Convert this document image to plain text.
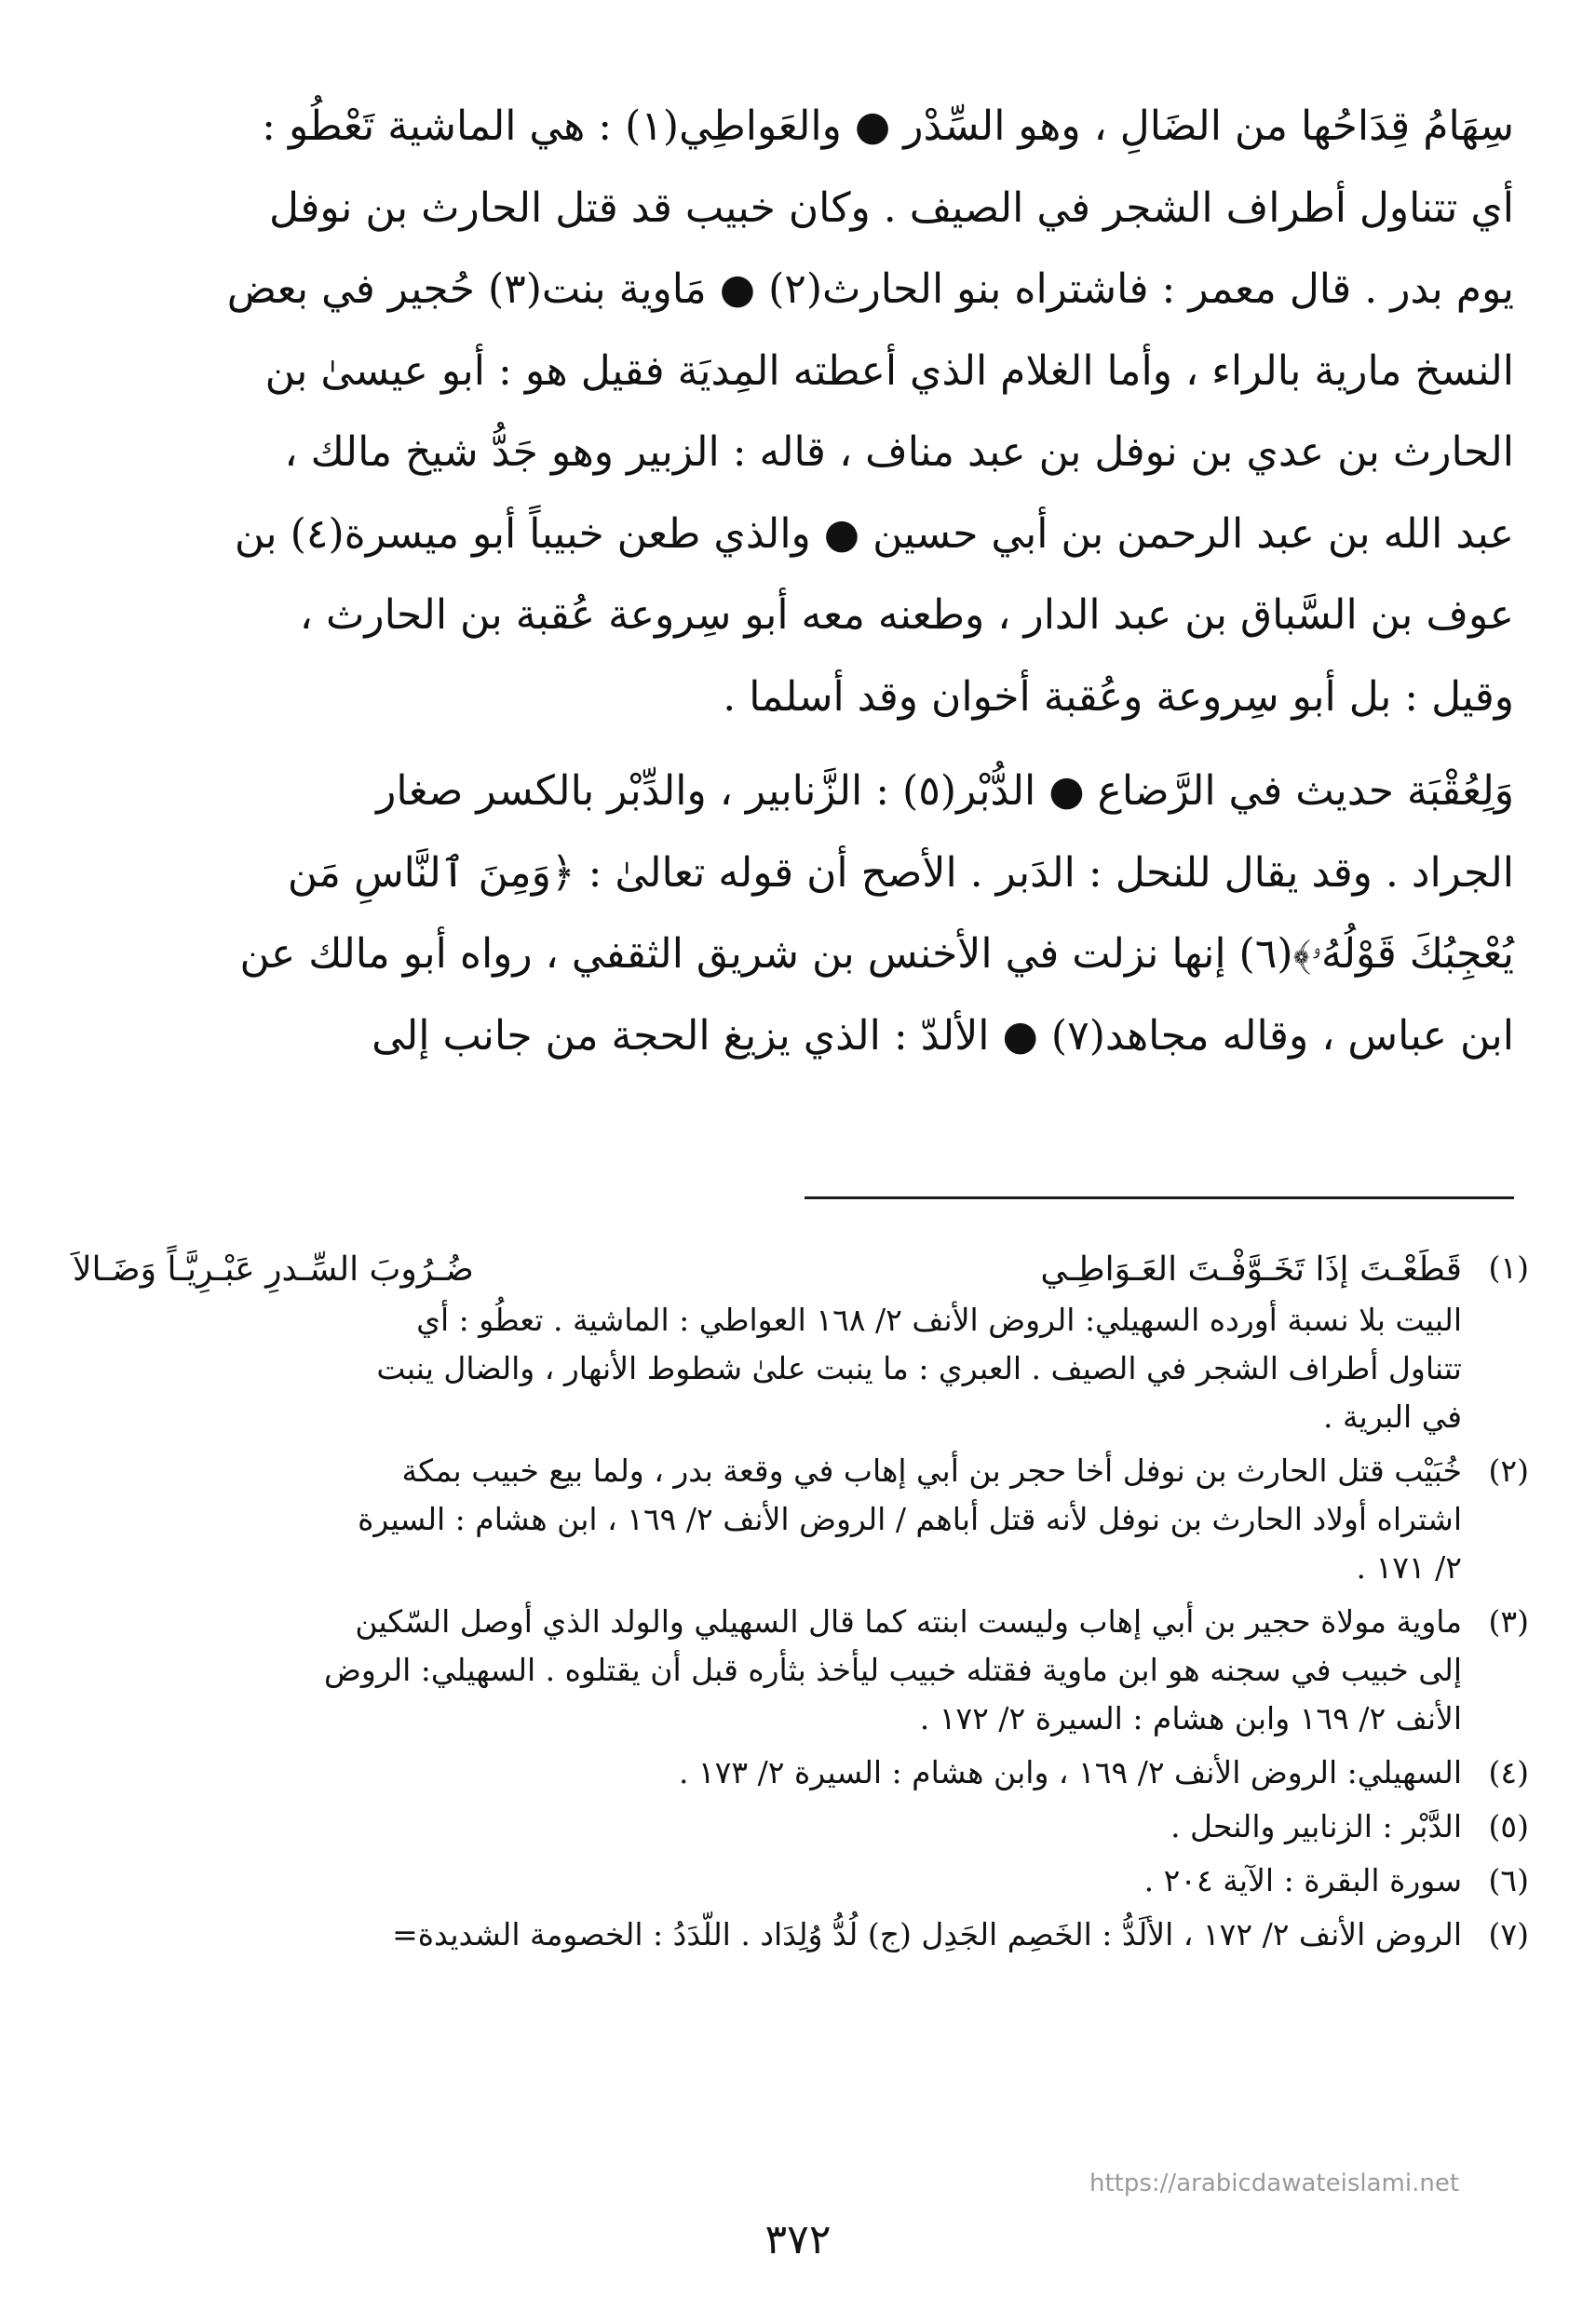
سِهَامُ قِدَاحُها من الضَالِ ، وهو السِّدْر ● والعَواطِي(١) : هي الماشية تَعْطُو :
أي تتناول أطراف الشجر في الصيف . وكان خبيب قد قتل الحارث بن نوفل
يوم بدر . قال معمر : فاشتراه بنو الحارث(٢) ● مَاوية بنت(٣) حُجير في بعض
النسخ مارية بالراء ، وأما الغلام الذي أعطته المِديَة فقيل هو : أبو عيسىٰ بن
الحارث بن عدي بن نوفل بن عبد مناف ، قاله : الزبير وهو جَدُّ شيخ مالك ،
عبد الله بن عبد الرحمن بن أبي حسين ● والذي طعن خبيباً أبو ميسرة(٤) بن
عوف بن السَّباق بن عبد الدار ، وطعنه معه أبو سِروعة عُقبة بن الحارث ،
وقيل : بل أبو سِروعة وعُقبة أخوان وقد أسلما .

وَلِعُقْبَة حديث في الرَّضاع ● الدُّبْر(٥) : الزَّنابير ، والدِّبْر بالكسر صغار
الجراد . وقد يقال للنحل : الدَبر . الأصح أن قوله تعالىٰ : ﴿وَمِنَ ٱلنَّاسِ مَن
يُعْجِبُكَ قَوْلُهُۥ﴾(٦) إنها نزلت في الأخنس بن شريق الثقفي ، رواه أبو مالك عن
ابن عباس ، وقاله مجاهد(٧) ● الألدّ : الذي يزيغ الحجة من جانب إلى

(١)
قَطَعْـتَ إذَا تَخَـوَّفْـتَ العَـوَاطِـي
ضُـرُوبَ السِّـدرِ عَبْـرِيَّـاً وَضَـالاَ
البيت بلا نسبة أورده السهيلي: الروض الأنف ٢/ ١٦٨ العواطي : الماشية . تعطُو : أي
تتناول أطراف الشجر في الصيف . العبري : ما ينبت علىٰ شطوط الأنهار ، والضال ينبت
في البرية .
(٢)
خُبَيْب قتل الحارث بن نوفل أخا حجر بن أبي إهاب في وقعة بدر ، ولما بيع خبيب بمكة
اشتراه أولاد الحارث بن نوفل لأنه قتل أباهم / الروض الأنف ٢/ ١٦٩ ، ابن هشام : السيرة
٢/ ١٧١ .
(٣)
ماوية مولاة حجير بن أبي إهاب وليست ابنته كما قال السهيلي والولد الذي أوصل السّكين
إلى خبيب في سجنه هو ابن ماوية فقتله خبيب ليأخذ بثأره قبل أن يقتلوه . السهيلي: الروض
الأنف ٢/ ١٦٩ وابن هشام : السيرة ٢/ ١٧٢ .
(٤)
السهيلي: الروض الأنف ٢/ ١٦٩ ، وابن هشام : السيرة ٢/ ١٧٣ .
(٥)
الدَّبْر : الزنابير والنحل .
(٦)
سورة البقرة : الآية ٢٠٤ .
(٧)
الروض الأنف ٢/ ١٧٢ ، الألَدُّ : الخَصِم الجَدِل (ج) لُدُّ وُلِدَاد . اللّدَدُ : الخصومة الشديدة=
https://arabicdawateislami.net
٣٧٢
